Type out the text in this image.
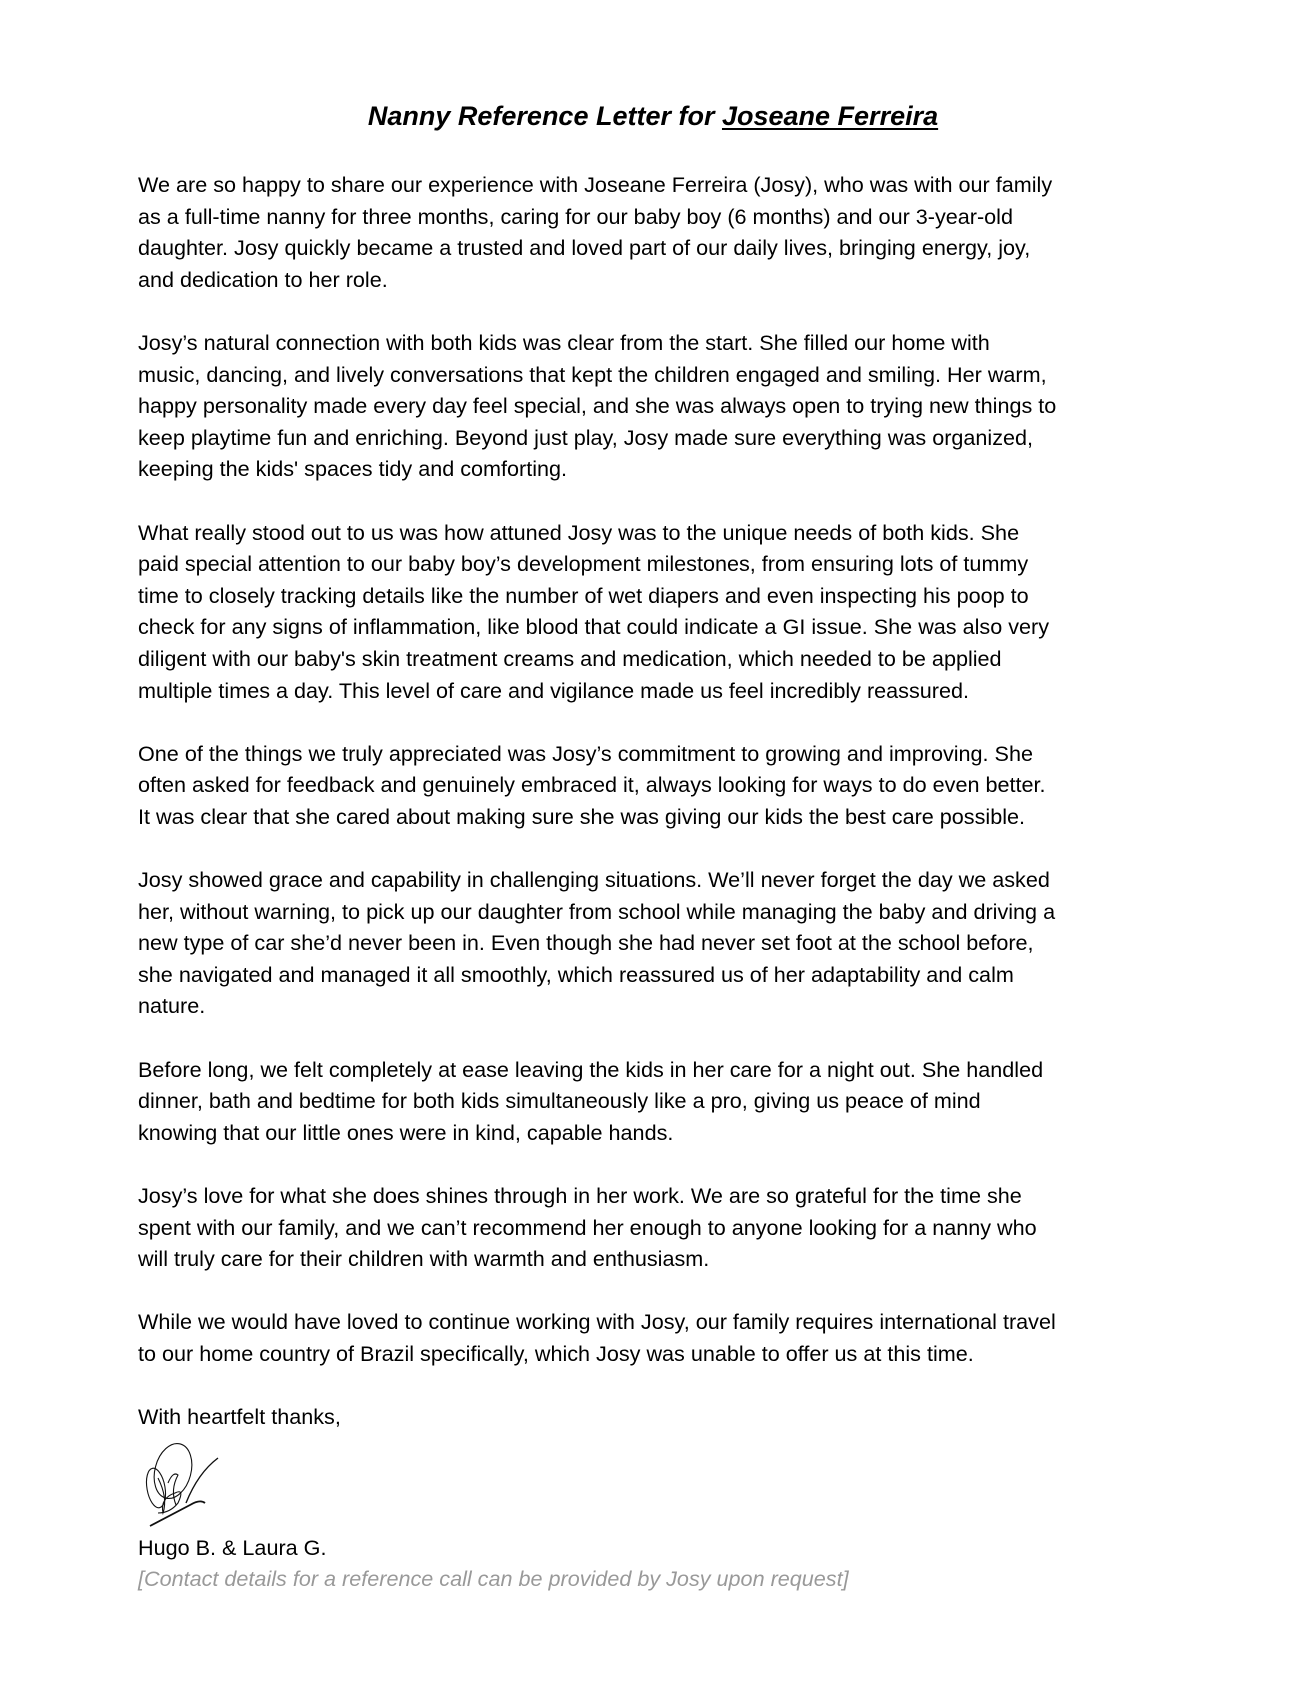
Nanny Reference Letter for Joseane Ferreira

We are so happy to share our experience with Joseane Ferreira (Josy), who was with our family
as a full-time nanny for three months, caring for our baby boy (6 months) and our 3-year-old
daughter. Josy quickly became a trusted and loved part of our daily lives, bringing energy, joy,
and dedication to her role.

Josy’s natural connection with both kids was clear from the start. She filled our home with
music, dancing, and lively conversations that kept the children engaged and smiling. Her warm,
happy personality made every day feel special, and she was always open to trying new things to
keep playtime fun and enriching. Beyond just play, Josy made sure everything was organized,
keeping the kids' spaces tidy and comforting.

What really stood out to us was how attuned Josy was to the unique needs of both kids. She
paid special attention to our baby boy’s development milestones, from ensuring lots of tummy
time to closely tracking details like the number of wet diapers and even inspecting his poop to
check for any signs of inflammation, like blood that could indicate a GI issue. She was also very
diligent with our baby's skin treatment creams and medication, which needed to be applied
multiple times a day. This level of care and vigilance made us feel incredibly reassured.

One of the things we truly appreciated was Josy’s commitment to growing and improving. She
often asked for feedback and genuinely embraced it, always looking for ways to do even better.
It was clear that she cared about making sure she was giving our kids the best care possible.

Josy showed grace and capability in challenging situations. We’ll never forget the day we asked
her, without warning, to pick up our daughter from school while managing the baby and driving a
new type of car she’d never been in. Even though she had never set foot at the school before,
she navigated and managed it all smoothly, which reassured us of her adaptability and calm
nature.

Before long, we felt completely at ease leaving the kids in her care for a night out. She handled
dinner, bath and bedtime for both kids simultaneously like a pro, giving us peace of mind
knowing that our little ones were in kind, capable hands.

Josy’s love for what she does shines through in her work. We are so grateful for the time she
spent with our family, and we can’t recommend her enough to anyone looking for a nanny who
will truly care for their children with warmth and enthusiasm.

While we would have loved to continue working with Josy, our family requires international travel
to our home country of Brazil specifically, which Josy was unable to offer us at this time.

With heartfelt thanks,

Hugo B. & Laura G.

[Contact details for a reference call can be provided by Josy upon request]
